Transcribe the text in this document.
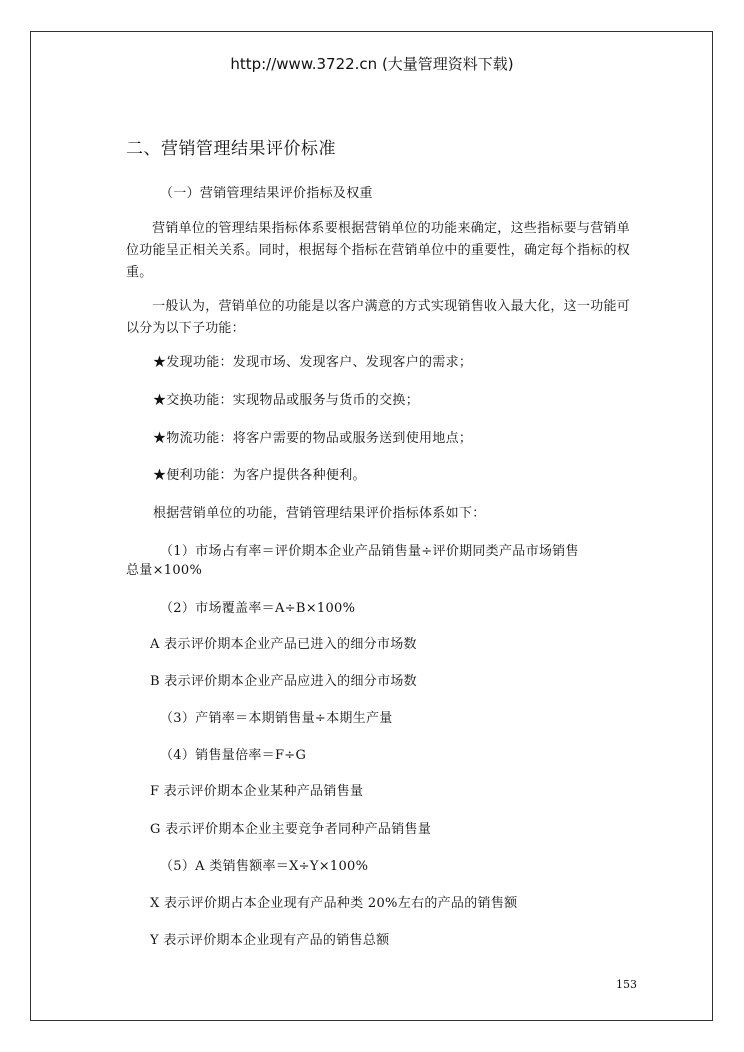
http://www.3722.cn (大量管理资料下载)
二、营销管理结果评价标准
（一）营销管理结果评价指标及权重
营销单位的管理结果指标体系要根据营销单位的功能来确定，这些指标要与营销单位功能呈正相关关系。同时，根据每个指标在营销单位中的重要性，确定每个指标的权重。
一般认为，营销单位的功能是以客户满意的方式实现销售收入最大化，这一功能可以分为以下子功能：
★发现功能：发现市场、发现客户、发现客户的需求；
★交换功能：实现物品或服务与货币的交换；
★物流功能：将客户需要的物品或服务送到使用地点；
★便利功能：为客户提供各种便利。
根据营销单位的功能，营销管理结果评价指标体系如下：
（1）市场占有率＝评价期本企业产品销售量÷评价期同类产品市场销售
总量×100%
（2）市场覆盖率＝A÷B×100%
A 表示评价期本企业产品已进入的细分市场数
B 表示评价期本企业产品应进入的细分市场数
（3）产销率＝本期销售量÷本期生产量
（4）销售量倍率＝F÷G
F 表示评价期本企业某种产品销售量
G 表示评价期本企业主要竞争者同种产品销售量
（5）A 类销售额率＝X÷Y×100%
X 表示评价期占本企业现有产品种类 20%左右的产品的销售额
Y 表示评价期本企业现有产品的销售总额
153
